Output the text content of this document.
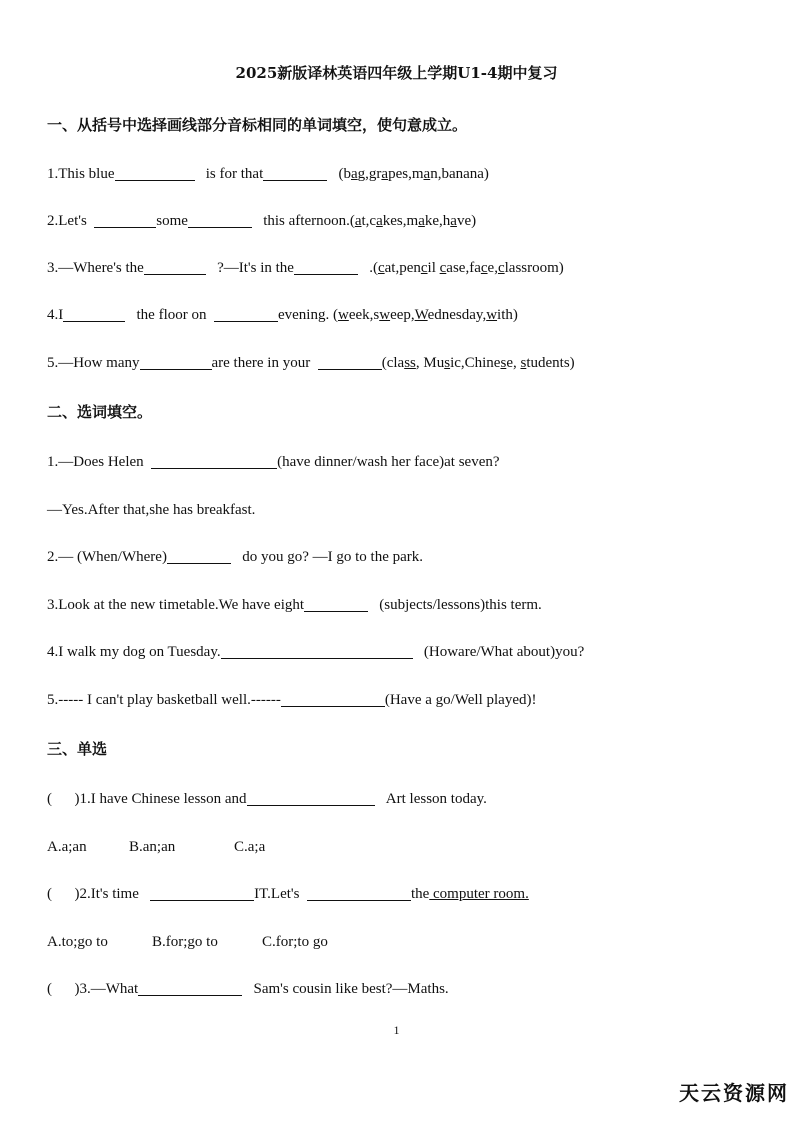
2025新版译林英语四年级上学期U1-4期中复习
一、从括号中选择画线部分音标相同的单词填空，使句意成立。
1.This blue	is for that	(bag,grapes,man,banana)
2.Let's	some	this afternoon.(at,cakes,make,have)
3.—Where's the	?—It's in the	.(cat,pencil case,face,classroom)
4.I	the floor on	evening. (week,sweep,Wednesday,with)
5.—How many	are there in your	(class, Music,Chinese, students)
二、选词填空。
1.—Does Helen	(have dinner/wash her face)at seven?
—Yes.After that,she has breakfast.
2.— (When/Where)	do you go? —I go to the park.
3.Look at the new timetable.We have eight	(subjects/lessons)this term.
4.I walk my dog on Tuesday.	(Howare/What about)you?
5.----- I can't play basketball well.------	(Have a go/Well played)!
三、单选
(      )1.I have Chinese lesson and	Art lesson today.
A.a;an	B.an;an	C.a;a
(      )2.It's time	IT.Let's	the computer room.
A.to;go to	B.for;go to	C.for;to go
(      )3.—What	Sam's cousin like best?—Maths.
1
天云资源网
